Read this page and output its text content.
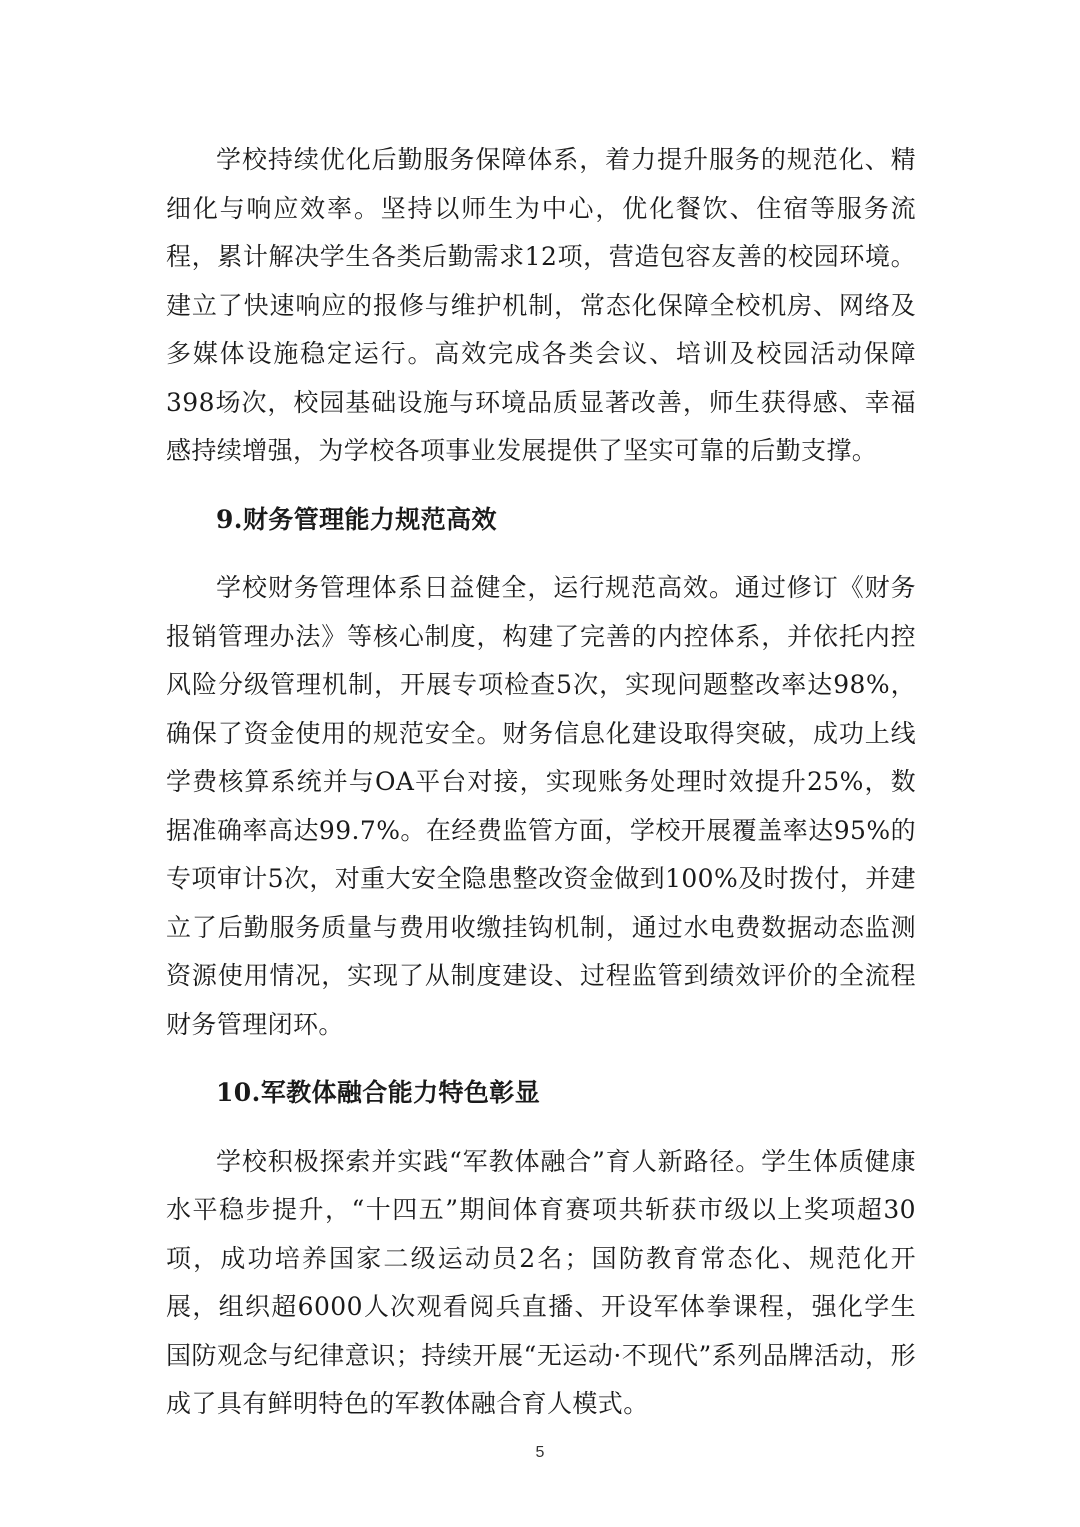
学校持续优化后勤服务保障体系，着力提升服务的规范化、精细化与响应效率。坚持以师生为中心，优化餐饮、住宿等服务流程，累计解决学生各类后勤需求12项，营造包容友善的校园环境。建立了快速响应的报修与维护机制，常态化保障全校机房、网络及多媒体设施稳定运行。高效完成各类会议、培训及校园活动保障398场次，校园基础设施与环境品质显著改善，师生获得感、幸福感持续增强，为学校各项事业发展提供了坚实可靠的后勤支撑。

9.财务管理能力规范高效

学校财务管理体系日益健全，运行规范高效。通过修订《财务报销管理办法》等核心制度，构建了完善的内控体系，并依托内控风险分级管理机制，开展专项检查5次，实现问题整改率达98%，确保了资金使用的规范安全。财务信息化建设取得突破，成功上线学费核算系统并与OA平台对接，实现账务处理时效提升25%，数据准确率高达99.7%。在经费监管方面，学校开展覆盖率达95%的专项审计5次，对重大安全隐患整改资金做到100%及时拨付，并建立了后勤服务质量与费用收缴挂钩机制，通过水电费数据动态监测资源使用情况，实现了从制度建设、过程监管到绩效评价的全流程财务管理闭环。

10.军教体融合能力特色彰显

学校积极探索并实践“军教体融合”育人新路径。学生体质健康水平稳步提升，“十四五”期间体育赛项共斩获市级以上奖项超30项，成功培养国家二级运动员2名；国防教育常态化、规范化开展，组织超6000人次观看阅兵直播、开设军体拳课程，强化学生国防观念与纪律意识；持续开展“无运动·不现代”系列品牌活动，形成了具有鲜明特色的军教体融合育人模式。

5
